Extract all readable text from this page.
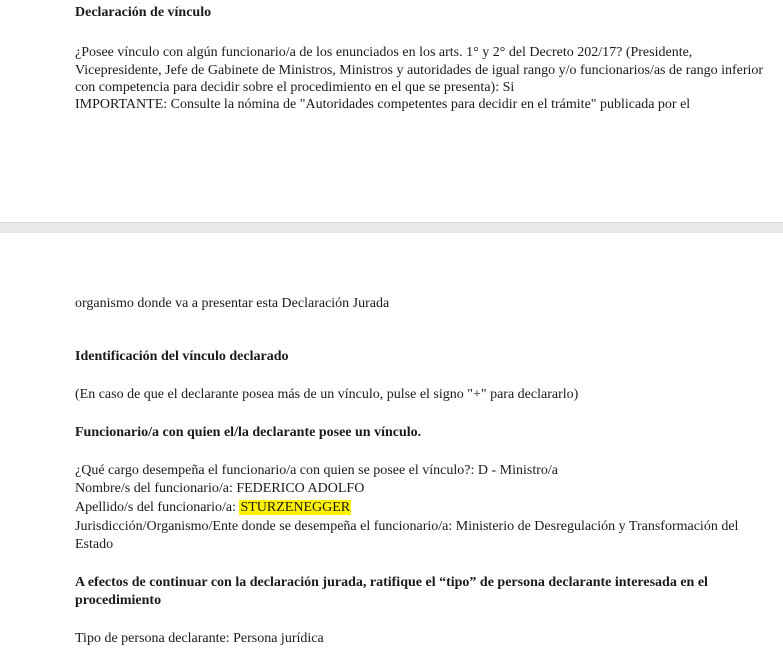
Declaración de vínculo

¿Posee vínculo con algún funcionario/a de los enunciados en los arts. 1° y 2° del Decreto 202/17? (Presidente, Vicepresidente, Jefe de Gabinete de Ministros, Ministros y autoridades de igual rango y/o funcionarios/as de rango inferior con competencia para decidir sobre el procedimiento en el que se presenta): Si

IMPORTANTE: Consulte la nómina de "Autoridades competentes para decidir en el trámite" publicada por el

organismo donde va a presentar esta Declaración Jurada

Identificación del vínculo declarado

(En caso de que el declarante posea más de un vínculo, pulse el signo "+" para declararlo)

Funcionario/a con quien el/la declarante posee un vínculo.

¿Qué cargo desempeña el funcionario/a con quien se posee el vínculo?: D - Ministro/a

Nombre/s del funcionario/a: FEDERICO ADOLFO

Apellido/s del funcionario/a: STURZENEGGER

Jurisdicción/Organismo/Ente donde se desempeña el funcionario/a: Ministerio de Desregulación y Transformación del Estado

A efectos de continuar con la declaración jurada, ratifique el “tipo” de persona declarante interesada en el procedimiento

Tipo de persona declarante: Persona jurídica
